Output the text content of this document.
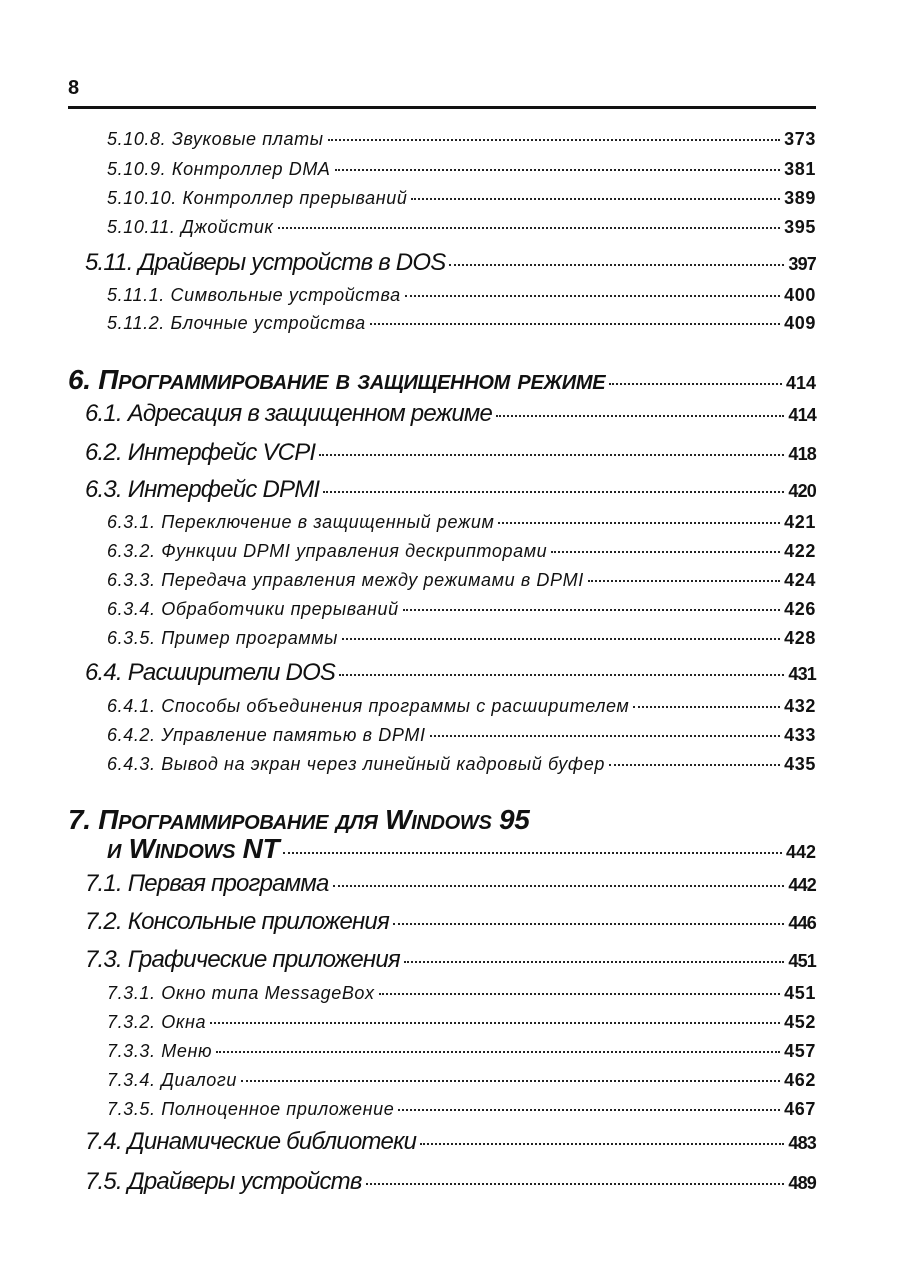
8
5.10.8. Звуковые платы	373
5.10.9. Контроллер DMA	381
5.10.10. Контроллер прерываний	389
5.10.11. Джойстик	395
5.11. Драйверы устройств в DOS	397
5.11.1. Символьные устройства	400
5.11.2. Блочные устройства	409
6. Программирование в защищенном режиме	414
6.1. Адресация в защищенном режиме	414
6.2. Интерфейс VCPI	418
6.3. Интерфейс DPMI	420
6.3.1. Переключение в защищенный режим	421
6.3.2. Функции DPMI управления дескрипторами	422
6.3.3. Передача управления между режимами в DPMI	424
6.3.4. Обработчики прерываний	426
6.3.5. Пример программы	428
6.4. Расширители DOS	431
6.4.1. Способы объединения программы с расширителем	432
6.4.2. Управление памятью в DPMI	433
6.4.3. Вывод на экран через линейный кадровый буфер	435
7. Программирование для Windows 95
и Windows NT	442
7.1. Первая программа	442
7.2. Консольные приложения	446
7.3. Графические приложения	451
7.3.1. Окно типа MessageBox	451
7.3.2. Окна	452
7.3.3. Меню	457
7.3.4. Диалоги	462
7.3.5. Полноценное приложение	467
7.4. Динамические библиотеки	483
7.5. Драйверы устройств	489
